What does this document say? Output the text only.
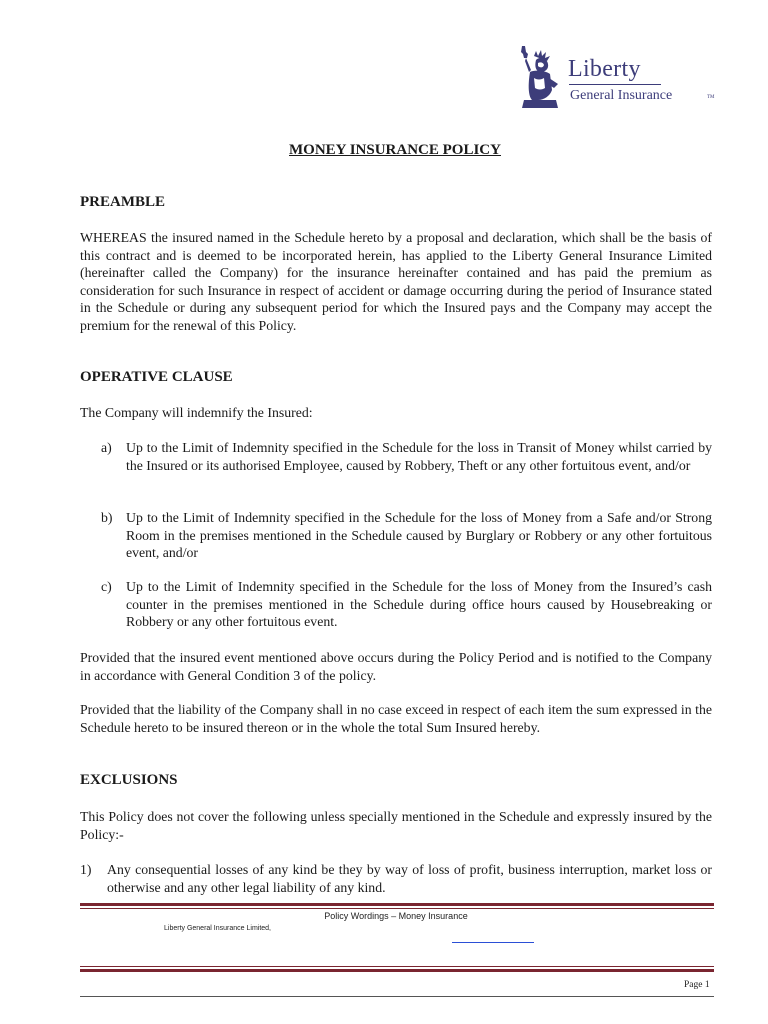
Liberty
General Insurance	TM
MONEY INSURANCE POLICY
PREAMBLE

WHEREAS the insured named in the Schedule hereto by a proposal and declaration, which shall be the basis of this contract and is deemed to be incorporated herein, has applied to the Liberty General Insurance Limited (hereinafter called the Company) for the insurance hereinafter contained and has paid the premium as consideration for such Insurance in respect of accident or damage occurring during the period of Insurance stated in the Schedule or during any subsequent period for which the Insured pays and the Company may accept the premium for the renewal of this Policy.

OPERATIVE CLAUSE

The Company will indemnify the Insured:

a) Up to the Limit of Indemnity specified in the Schedule for the loss in Transit of Money whilst carried by the Insured or its authorised Employee, caused by Robbery, Theft or any other fortuitous event, and/or

b) Up to the Limit of Indemnity specified in the Schedule for the loss of Money from a Safe and/or Strong Room in the premises mentioned in the Schedule caused by Burglary or Robbery or any other fortuitous event, and/or

c) Up to the Limit of Indemnity specified in the Schedule for the loss of Money from the Insured’s cash counter in the premises mentioned in the Schedule during office hours caused by Housebreaking or Robbery or any other fortuitous event.

Provided that the insured event mentioned above occurs during the Policy Period and is notified to the Company in accordance with General Condition 3 of the policy.

Provided that the liability of the Company shall in no case exceed in respect of each item the sum expressed in the Schedule hereto to be insured thereon or in the whole the total Sum Insured hereby.

EXCLUSIONS

This Policy does not cover the following unless specially mentioned in the Schedule and expressly insured by the Policy:-

1) Any consequential losses of any kind be they by way of loss of profit, business interruption, market loss or otherwise and any other legal liability of any kind.

Policy Wordings – Money Insurance
Liberty General Insurance Limited,
Page 1
